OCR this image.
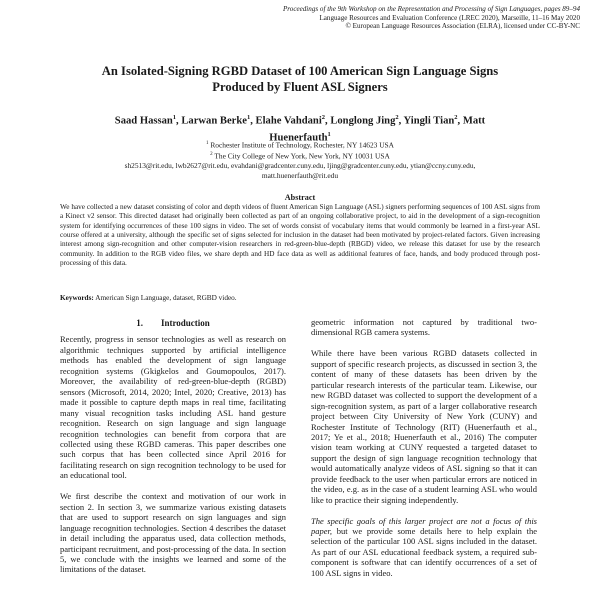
Proceedings of the 9th Workshop on the Representation and Processing of Sign Languages, pages 89–94
Language Resources and Evaluation Conference (LREC 2020), Marseille, 11–16 May 2020
© European Language Resources Association (ELRA), licensed under CC-BY-NC
An Isolated-Signing RGBD Dataset of 100 American Sign Language Signs
Produced by Fluent ASL Signers
Saad Hassan$^1$, Larwan Berke$^1$, Elahe Vahdani$^2$, Longlong Jing$^2$, Yingli Tian$^2$, Matt
Huenerfauth$^1$
$^1$ Rochester Institute of Technology, Rochester, NY 14623 USA
$^2$ The City College of New York, New York, NY 10031 USA
sh2513@rit.edu, lwb2627@rit.edu, evahdani@gradcenter.cuny.edu, ljing@gradcenter.cuny.edu, ytian@ccny.cuny.edu,
matt.huenerfauth@rit.edu
Abstract
We have collected a new dataset consisting of color and depth videos of fluent American Sign Language (ASL) signers performing sequences of 100 ASL signs from a Kinect v2 sensor. This directed dataset had originally been collected as part of an ongoing collaborative project, to aid in the development of a sign-recognition system for identifying occurrences of these 100 signs in video. The set of words consist of vocabulary items that would commonly be learned in a first-year ASL course offered at a university, although the specific set of signs selected for inclusion in the dataset had been motivated by project-related factors. Given increasing interest among sign-recognition and other computer-vision researchers in red-green-blue-depth (RBGD) video, we release this dataset for use by the research community. In addition to the RGB video files, we share depth and HD face data as well as additional features of face, hands, and body produced through post-processing of this data.
Keywords: American Sign Language, dataset, RGBD video.
1.        Introduction

Recently, progress in sensor technologies as well as research on algorithmic techniques supported by artificial intelligence methods has enabled the development of sign language recognition systems (Gkigkelos and Goumopoulos, 2017). Moreover, the availability of red-green-blue-depth (RGBD) sensors (Microsoft, 2014, 2020; Intel, 2020; Creative, 2013) has made it possible to capture depth maps in real time, facilitating many visual recognition tasks including ASL hand gesture recognition. Research on sign language and sign language recognition technologies can benefit from corpora that are collected using these RGBD cameras. This paper describes one such corpus that has been collected since April 2016 for facilitating research on sign recognition technology to be used for an educational tool.

We first describe the context and motivation of our work in section 2. In section 3, we summarize various existing datasets that are used to support research on sign languages and sign language recognition technologies. Section 4 describes the dataset in detail including the apparatus used, data collection methods, participant recruitment, and post-processing of the data. In section 5, we conclude with the insights we learned and some of the limitations of the dataset.

geometric information not captured by traditional two-dimensional RGB camera systems.

While there have been various RGBD datasets collected in support of specific research projects, as discussed in section 3, the content of many of these datasets has been driven by the particular research interests of the particular team. Likewise, our new RGBD dataset was collected to support the development of a sign-recognition system, as part of a larger collaborative research project between City University of New York (CUNY) and Rochester Institute of Technology (RIT) (Huenerfauth et al., 2017; Ye et al., 2018; Huenerfauth et al., 2016) The computer vision team working at CUNY requested a targeted dataset to support the design of sign language recognition technology that would automatically analyze videos of ASL signing so that it can provide feedback to the user when particular errors are noticed in the video, e.g. as in the case of a student learning ASL who would like to practice their signing independently.

The specific goals of this larger project are not a focus of this paper, but we provide some details here to help explain the selection of the particular 100 ASL signs included in the dataset. As part of our ASL educational feedback system, a required sub-component is software that can identify occurrences of a set of 100 ASL signs in video.
